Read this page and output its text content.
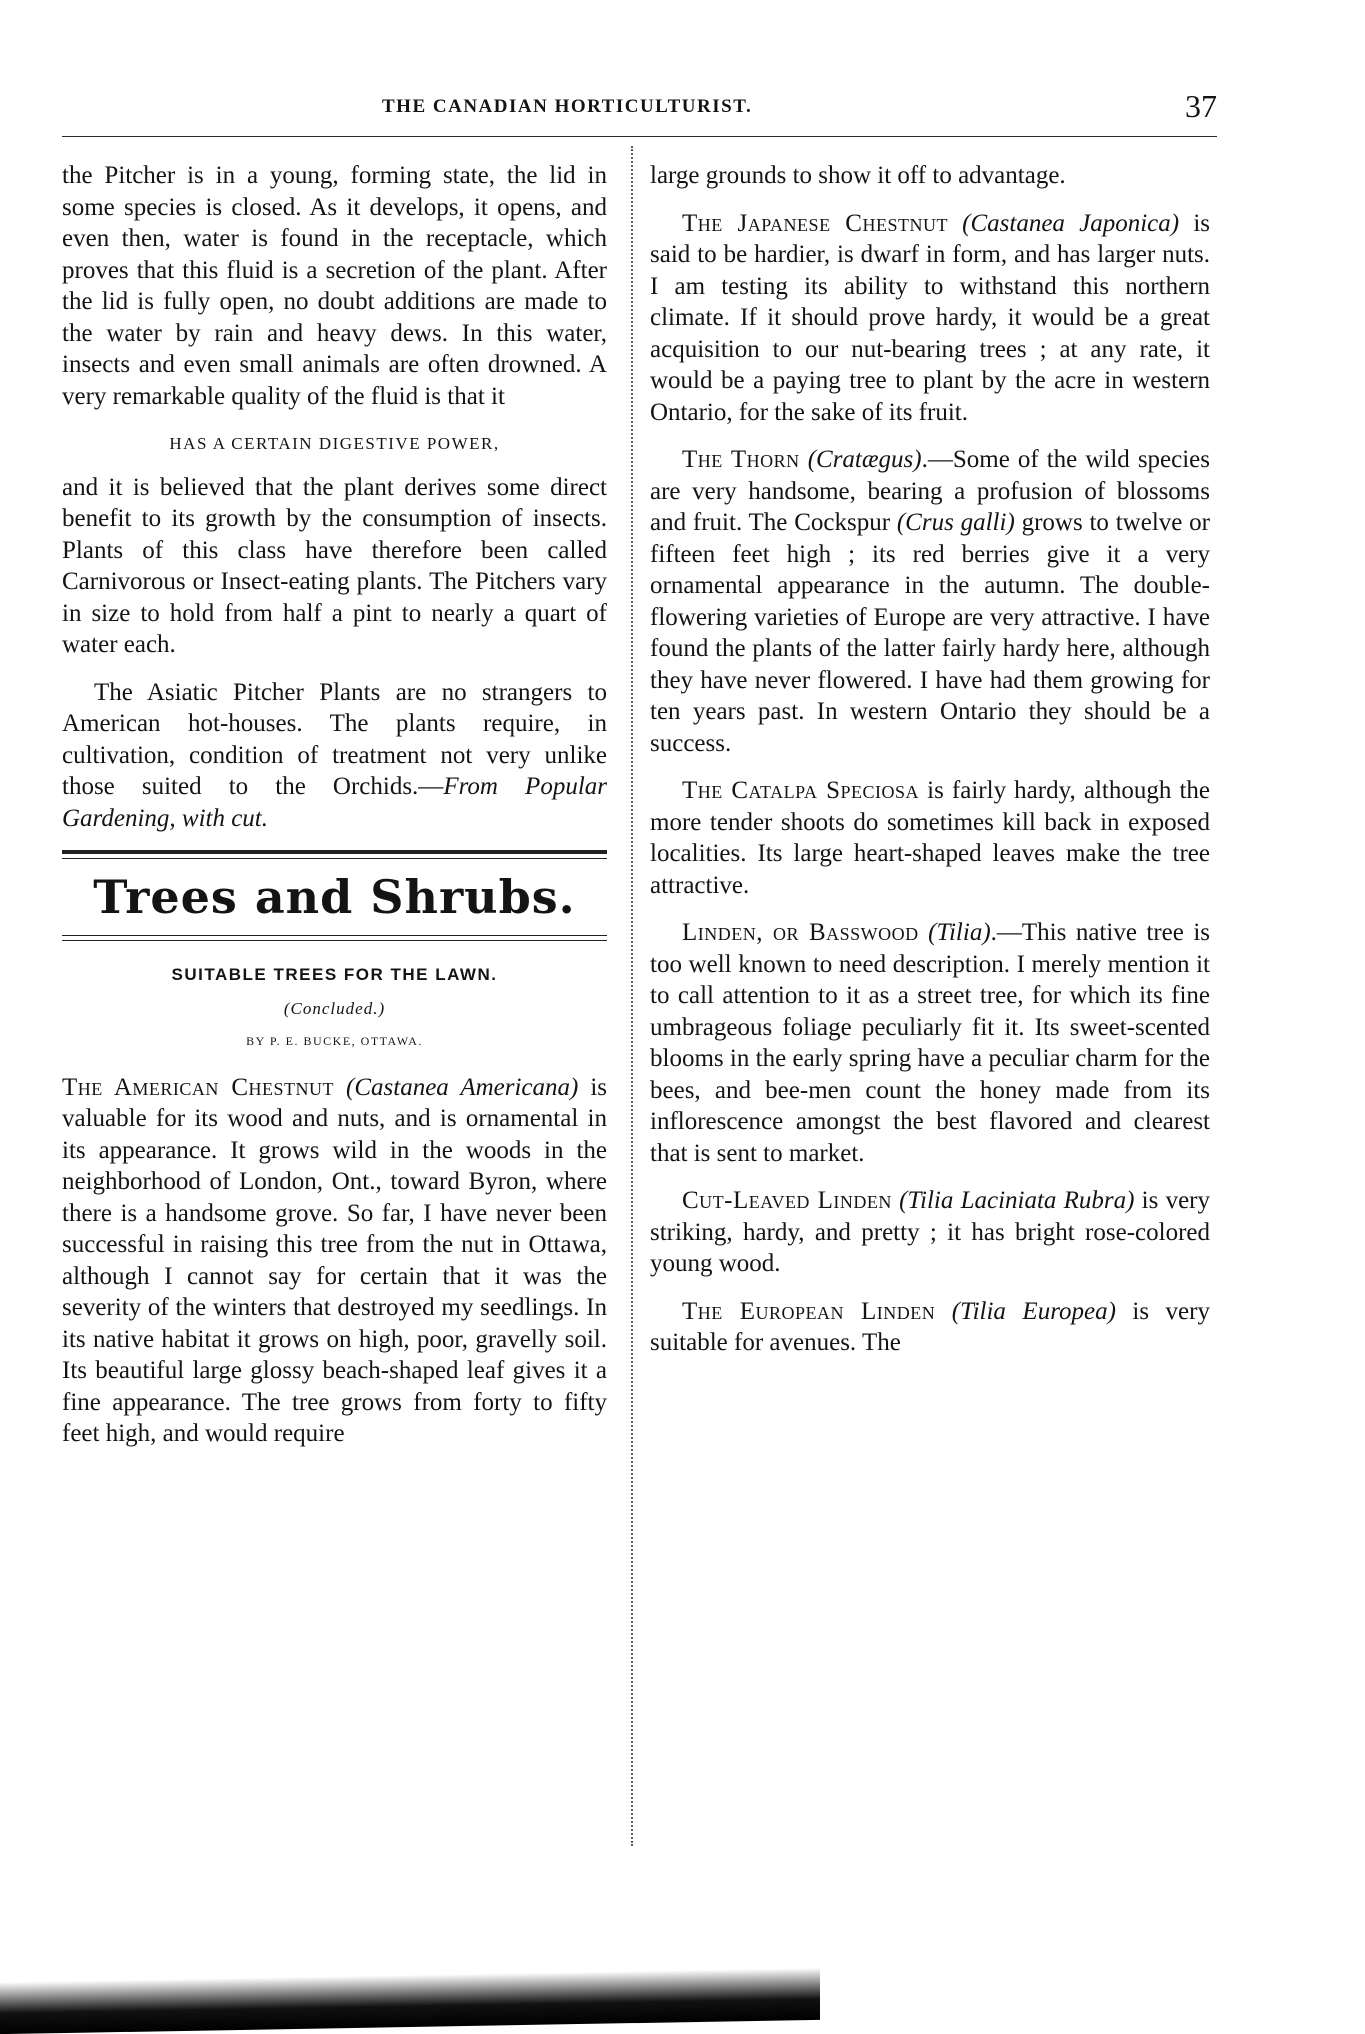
THE CANADIAN HORTICULTURIST.	37

the Pitcher is in a young, forming state, the lid in some species is closed. As it develops, it opens, and even then, water is found in the receptacle, which proves that this fluid is a secretion of the plant. After the lid is fully open, no doubt additions are made to the water by rain and heavy dews. In this water, insects and even small animals are often drowned. A very remarkable quality of the fluid is that it

HAS A CERTAIN DIGESTIVE POWER,

and it is believed that the plant derives some direct benefit to its growth by the consumption of insects. Plants of this class have therefore been called Carnivorous or Insect-eating plants. The Pitchers vary in size to hold from half a pint to nearly a quart of water each.

The Asiatic Pitcher Plants are no strangers to American hot-houses. The plants require, in cultivation, condition of treatment not very unlike those suited to the Orchids.—From Popular Gardening, with cut.

Trees and Shrubs.
SUITABLE TREES FOR THE LAWN.
(Concluded.)
BY P. E. BUCKE, OTTAWA.

The American Chestnut (Castanea Americana) is valuable for its wood and nuts, and is ornamental in its appearance. It grows wild in the woods in the neighborhood of London, Ont., toward Byron, where there is a handsome grove. So far, I have never been successful in raising this tree from the nut in Ottawa, although I cannot say for certain that it was the severity of the winters that destroyed my seedlings. In its native habitat it grows on high, poor, gravelly soil. Its beautiful large glossy beach-shaped leaf gives it a fine appearance. The tree grows from forty to fifty feet high, and would require

large grounds to show it off to advantage.

The Japanese Chestnut (Castanea Japonica) is said to be hardier, is dwarf in form, and has larger nuts. I am testing its ability to withstand this northern climate. If it should prove hardy, it would be a great acquisition to our nut-bearing trees ; at any rate, it would be a paying tree to plant by the acre in western Ontario, for the sake of its fruit.

The Thorn (Cratægus).—Some of the wild species are very handsome, bearing a profusion of blossoms and fruit. The Cockspur (Crus galli) grows to twelve or fifteen feet high ; its red berries give it a very ornamental appearance in the autumn. The double-flowering varieties of Europe are very attractive. I have found the plants of the latter fairly hardy here, although they have never flowered. I have had them growing for ten years past. In western Ontario they should be a success.

The Catalpa Speciosa is fairly hardy, although the more tender shoots do sometimes kill back in exposed localities. Its large heart-shaped leaves make the tree attractive.

Linden, or Basswood (Tilia).—This native tree is too well known to need description. I merely mention it to call attention to it as a street tree, for which its fine umbrageous foliage peculiarly fit it. Its sweet-scented blooms in the early spring have a peculiar charm for the bees, and bee-men count the honey made from its inflorescence amongst the best flavored and clearest that is sent to market.

Cut-Leaved Linden (Tilia Laciniata Rubra) is very striking, hardy, and pretty ; it has bright rose-colored young wood.

The European Linden (Tilia Europea) is very suitable for avenues. The
